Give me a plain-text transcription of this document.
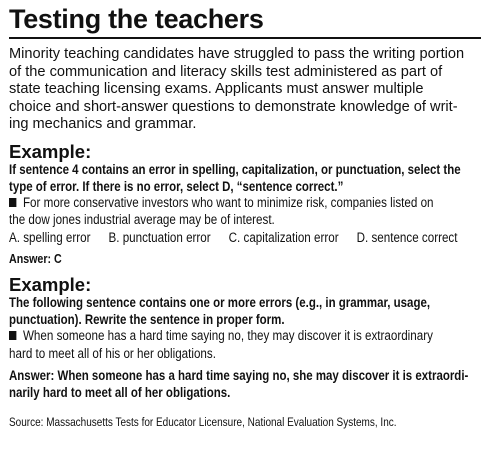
Testing the teachers

Minority teaching candidates have struggled to pass the writing portion
of the communication and literacy skills test administered as part of
state teaching licensing exams. Applicants must answer multiple
choice and short-answer questions to demonstrate knowledge of writ-
ing mechanics and grammar.

Example:
If sentence 4 contains an error in spelling, capitalization, or punctuation, select the
type of error. If there is no error, select D, “sentence correct.”
For more conservative investors who want to minimize risk, companies listed on
the dow jones industrial average may be of interest.
A. spelling error B. punctuation error C. capitalization error D. sentence correct
Answer: C
Example:
The following sentence contains one or more errors (e.g., in grammar, usage,
punctuation). Rewrite the sentence in proper form.
When someone has a hard time saying no, they may discover it is extraordinary
hard to meet all of his or her obligations.
Answer: When someone has a hard time saying no, she may discover it is extraordi-
narily hard to meet all of her obligations.
Source: Massachusetts Tests for Educator Licensure, National Evaluation Systems, Inc.
